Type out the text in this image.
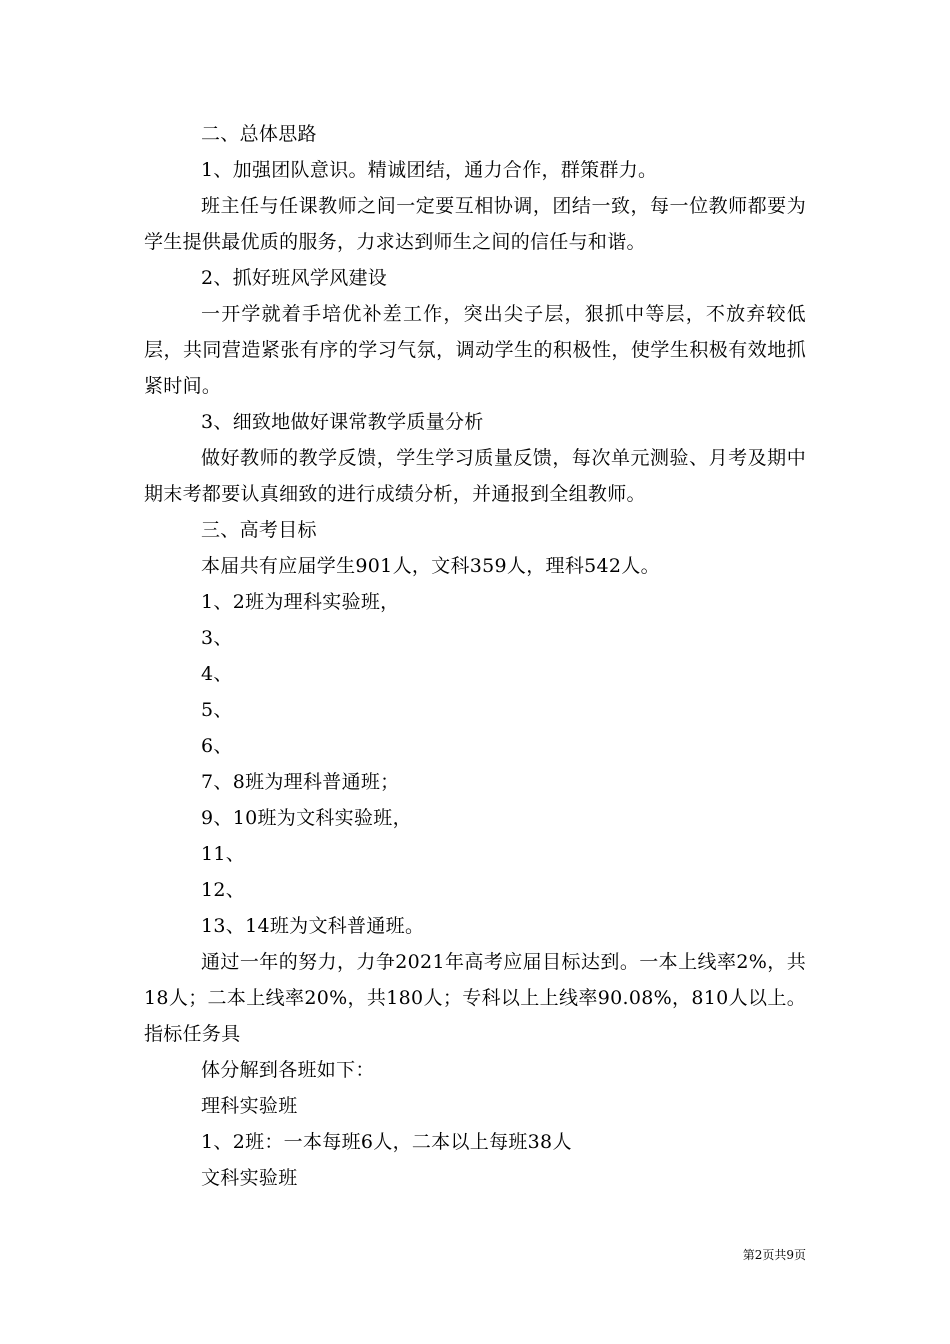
二、总体思路

1、加强团队意识。精诚团结，通力合作，群策群力。

班主任与任课教师之间一定要互相协调，团结一致，每一位教师都要为学生提供最优质的服务，力求达到师生之间的信任与和谐。

2、抓好班风学风建设

一开学就着手培优补差工作，突出尖子层，狠抓中等层，不放弃较低层，共同营造紧张有序的学习气氛，调动学生的积极性，使学生积极有效地抓紧时间。

3、细致地做好课常教学质量分析

做好教师的教学反馈，学生学习质量反馈，每次单元测验、月考及期中期末考都要认真细致的进行成绩分析，并通报到全组教师。

三、高考目标

本届共有应届学生901人，文科359人，理科542人。

1、2班为理科实验班，

3、

4、

5、

6、

7、8班为理科普通班；

9、10班为文科实验班，

11、

12、

13、14班为文科普通班。

通过一年的努力，力争2021年高考应届目标达到。一本上线率2%，共18人；二本上线率20%，共180人；专科以上上线率90.08%，810人以上。指标任务具

体分解到各班如下：

理科实验班

1、2班：一本每班6人，二本以上每班38人

文科实验班

第2页共9页
